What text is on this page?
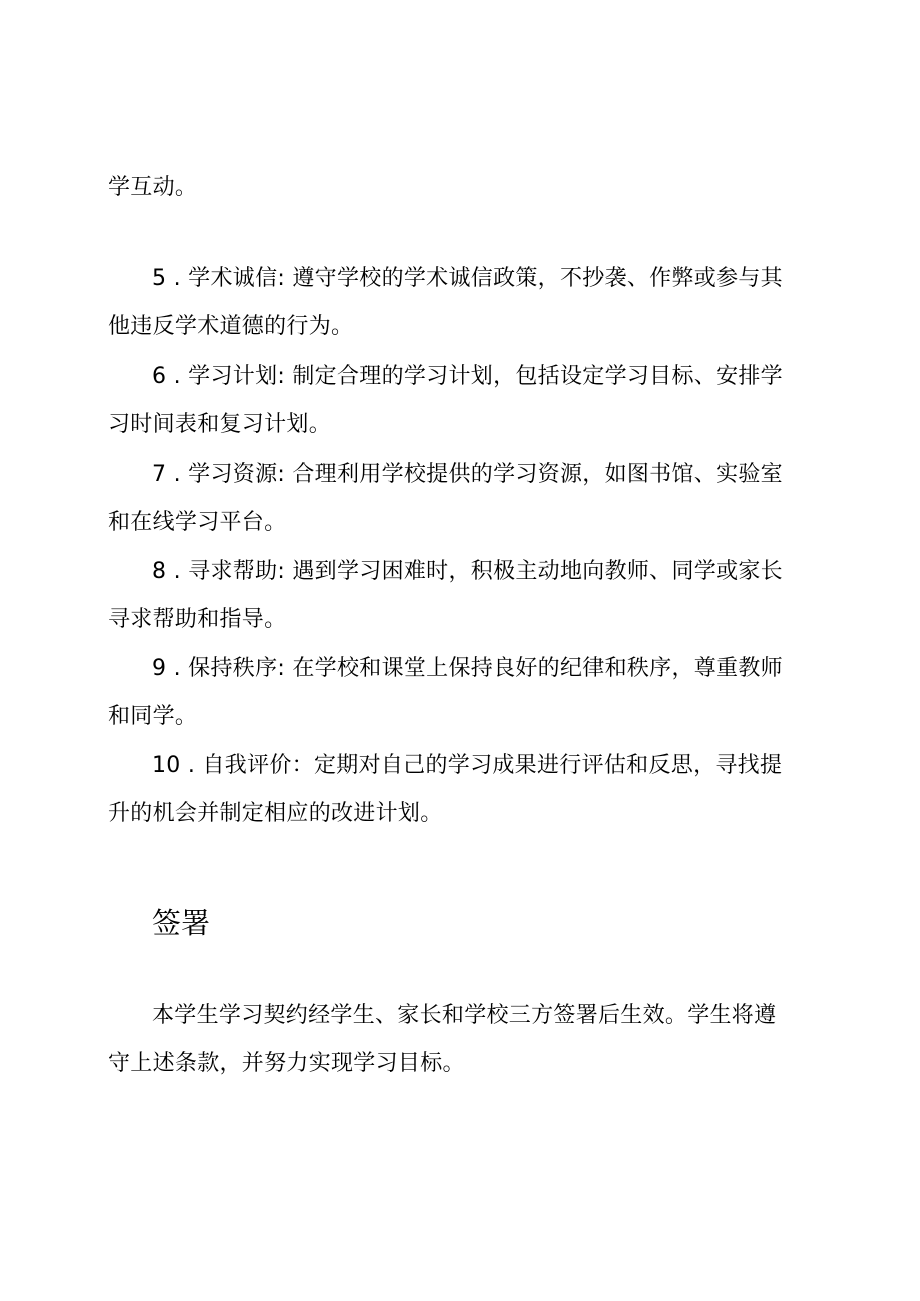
学互动。

5 . 学术诚信: 遵守学校的学术诚信政策，不抄袭、作弊或参与其

他违反学术道德的行为。

6 . 学习计划: 制定合理的学习计划，包括设定学习目标、安排学

习时间表和复习计划。

7 . 学习资源: 合理利用学校提供的学习资源，如图书馆、实验室

和在线学习平台。

8 . 寻求帮助: 遇到学习困难时，积极主动地向教师、同学或家长

寻求帮助和指导。

9 . 保持秩序: 在学校和课堂上保持良好的纪律和秩序，尊重教师

和同学。

10 . 自我评价：定期对自己的学习成果进行评估和反思，寻找提

升的机会并制定相应的改进计划。

签署

本学生学习契约经学生、家长和学校三方签署后生效。学生将遵

守上述条款，并努力实现学习目标。
